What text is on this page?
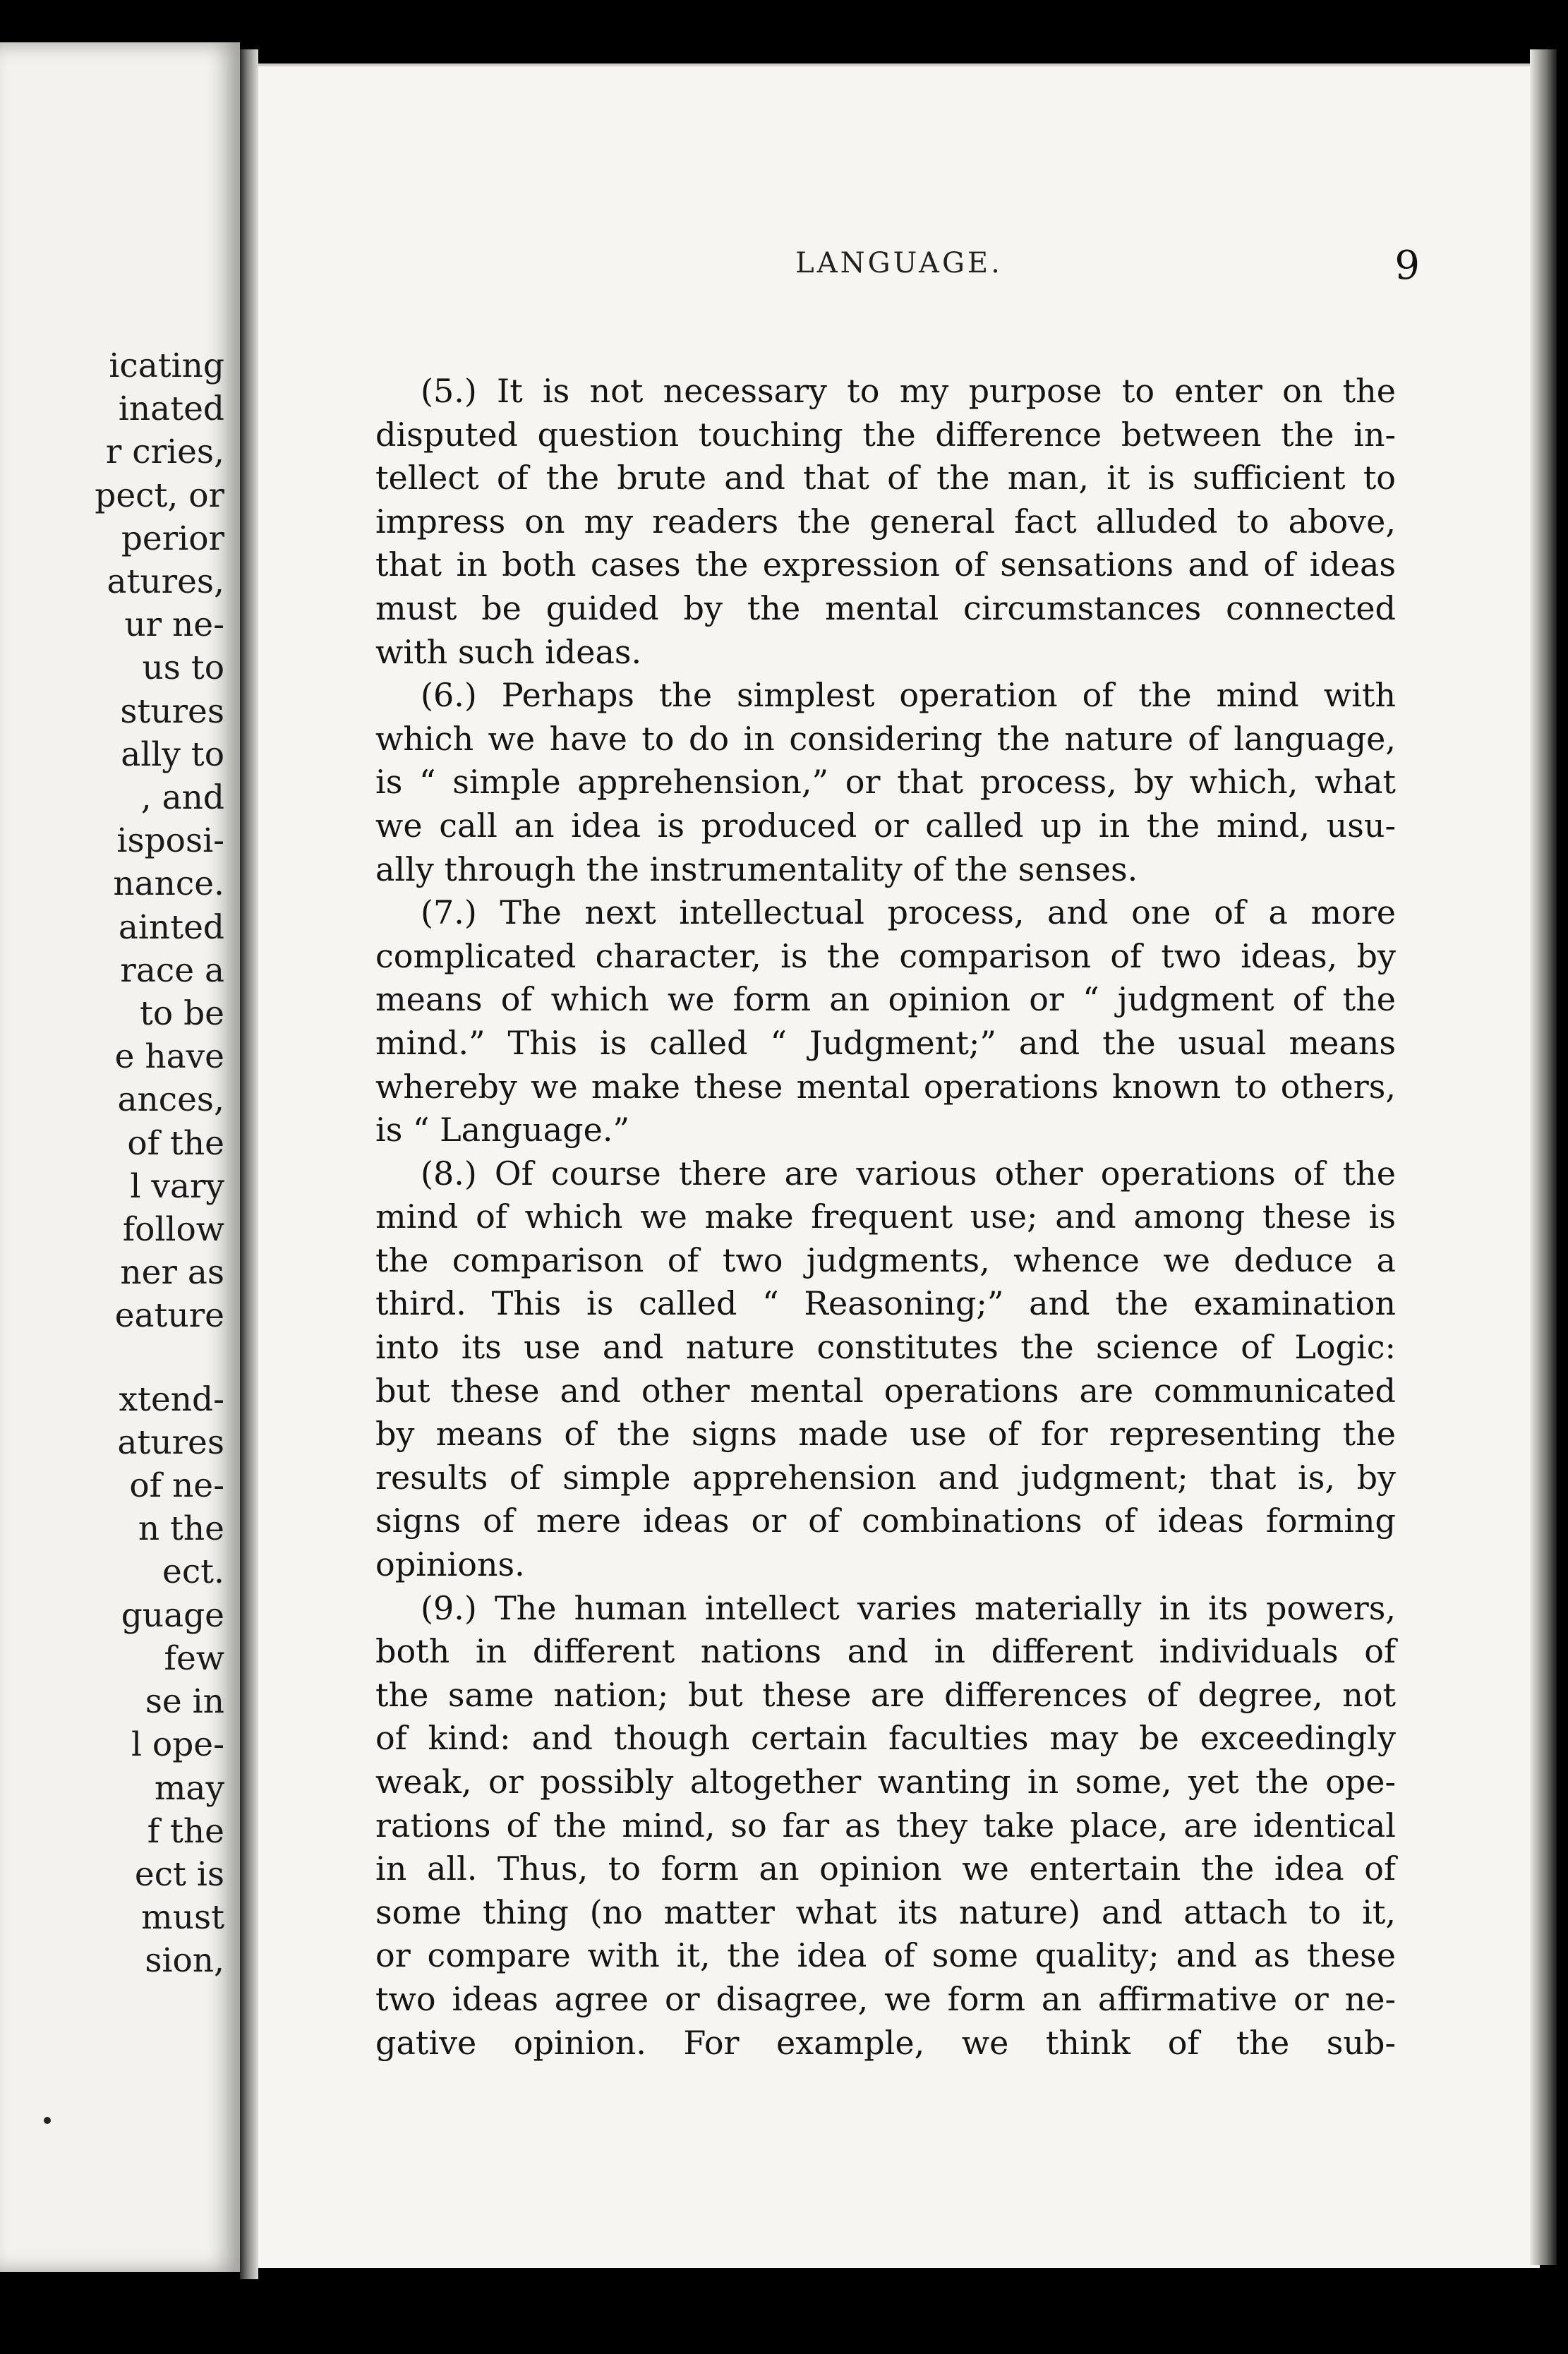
icating
inated
r cries,
pect, or
perior
atures,
ur ne-
us to
stures
ally to
, and
isposi-
nance.
ainted
race a
to be
e have
ances,
of the
l vary
follow
ner as
eature

xtend-
atures
of ne-
n the
ect.
guage
few
se in
l ope-
may
f the
ect is
must
sion,
LANGUAGE.	9
(5.) It is not necessary to my purpose to enter on the
disputed question touching the difference between the in-
tellect of the brute and that of the man, it is sufficient to
impress on my readers the general fact alluded to above,
that in both cases the expression of sensations and of ideas
must be guided by the mental circumstances connected
with such ideas.
(6.) Perhaps the simplest operation of the mind with
which we have to do in considering the nature of language,
is “ simple apprehension,” or that process, by which, what
we call an idea is produced or called up in the mind, usu-
ally through the instrumentality of the senses.
(7.) The next intellectual process, and one of a more
complicated character, is the comparison of two ideas, by
means of which we form an opinion or “ judgment of the
mind.” This is called “ Judgment;” and the usual means
whereby we make these mental operations known to others,
is “ Language.”
(8.) Of course there are various other operations of the
mind of which we make frequent use; and among these is
the comparison of two judgments, whence we deduce a
third. This is called “ Reasoning;” and the examination
into its use and nature constitutes the science of Logic:
but these and other mental operations are communicated
by means of the signs made use of for representing the
results of simple apprehension and judgment; that is, by
signs of mere ideas or of combinations of ideas forming
opinions.
(9.) The human intellect varies materially in its powers,
both in different nations and in different individuals of
the same nation; but these are differences of degree, not
of kind: and though certain faculties may be exceedingly
weak, or possibly altogether wanting in some, yet the ope-
rations of the mind, so far as they take place, are identical
in all. Thus, to form an opinion we entertain the idea of
some thing (no matter what its nature) and attach to it,
or compare with it, the idea of some quality; and as these
two ideas agree or disagree, we form an affirmative or ne-
gative opinion. For example, we think of the sub-
